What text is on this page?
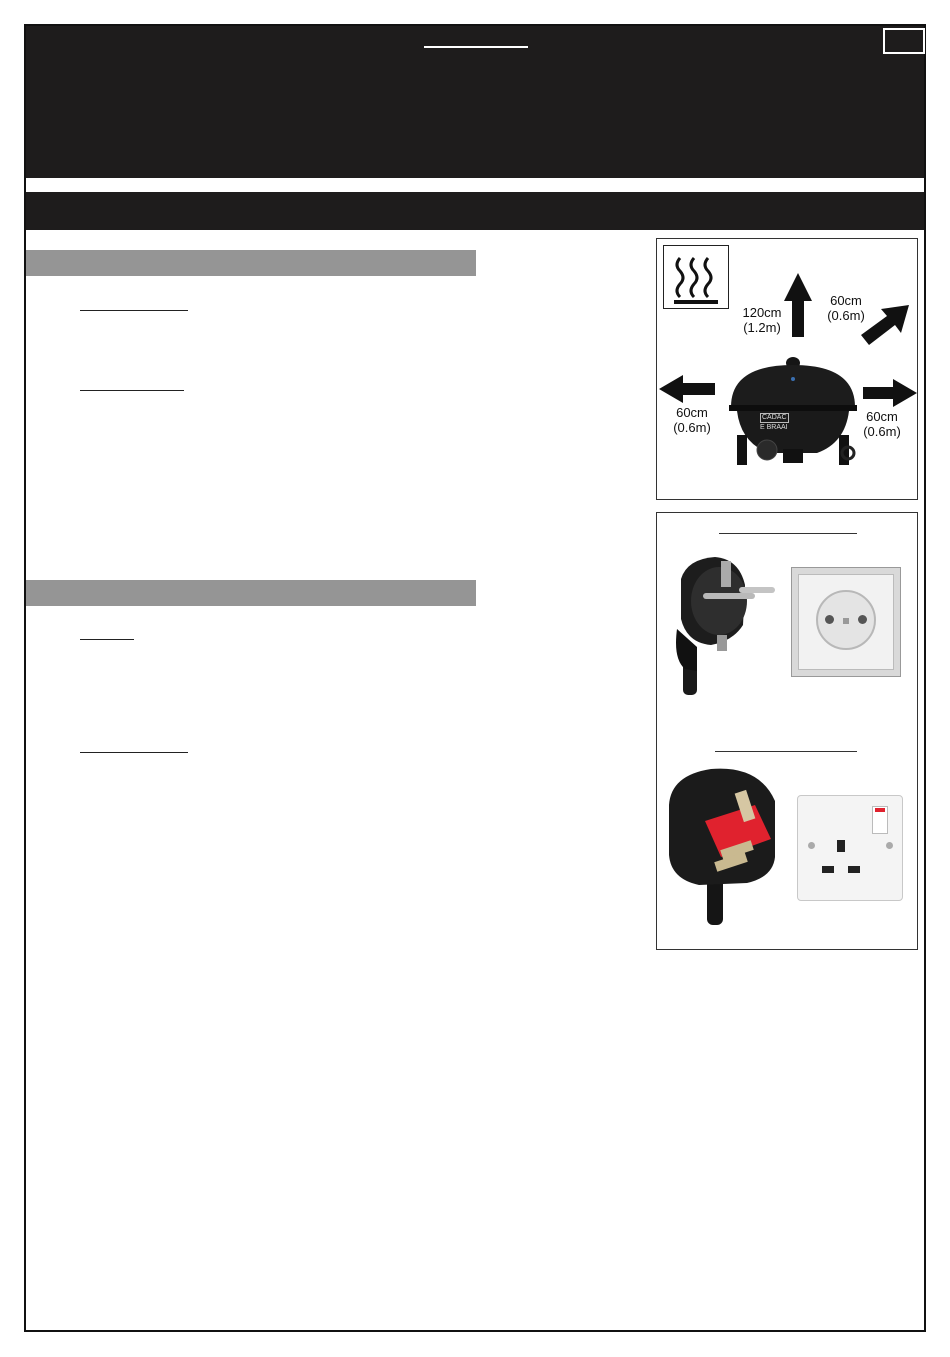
120cm
(1.2m)
60cm
(0.6m)
60cm
(0.6m)
60cm
(0.6m)
CADAC
E BRAAI
